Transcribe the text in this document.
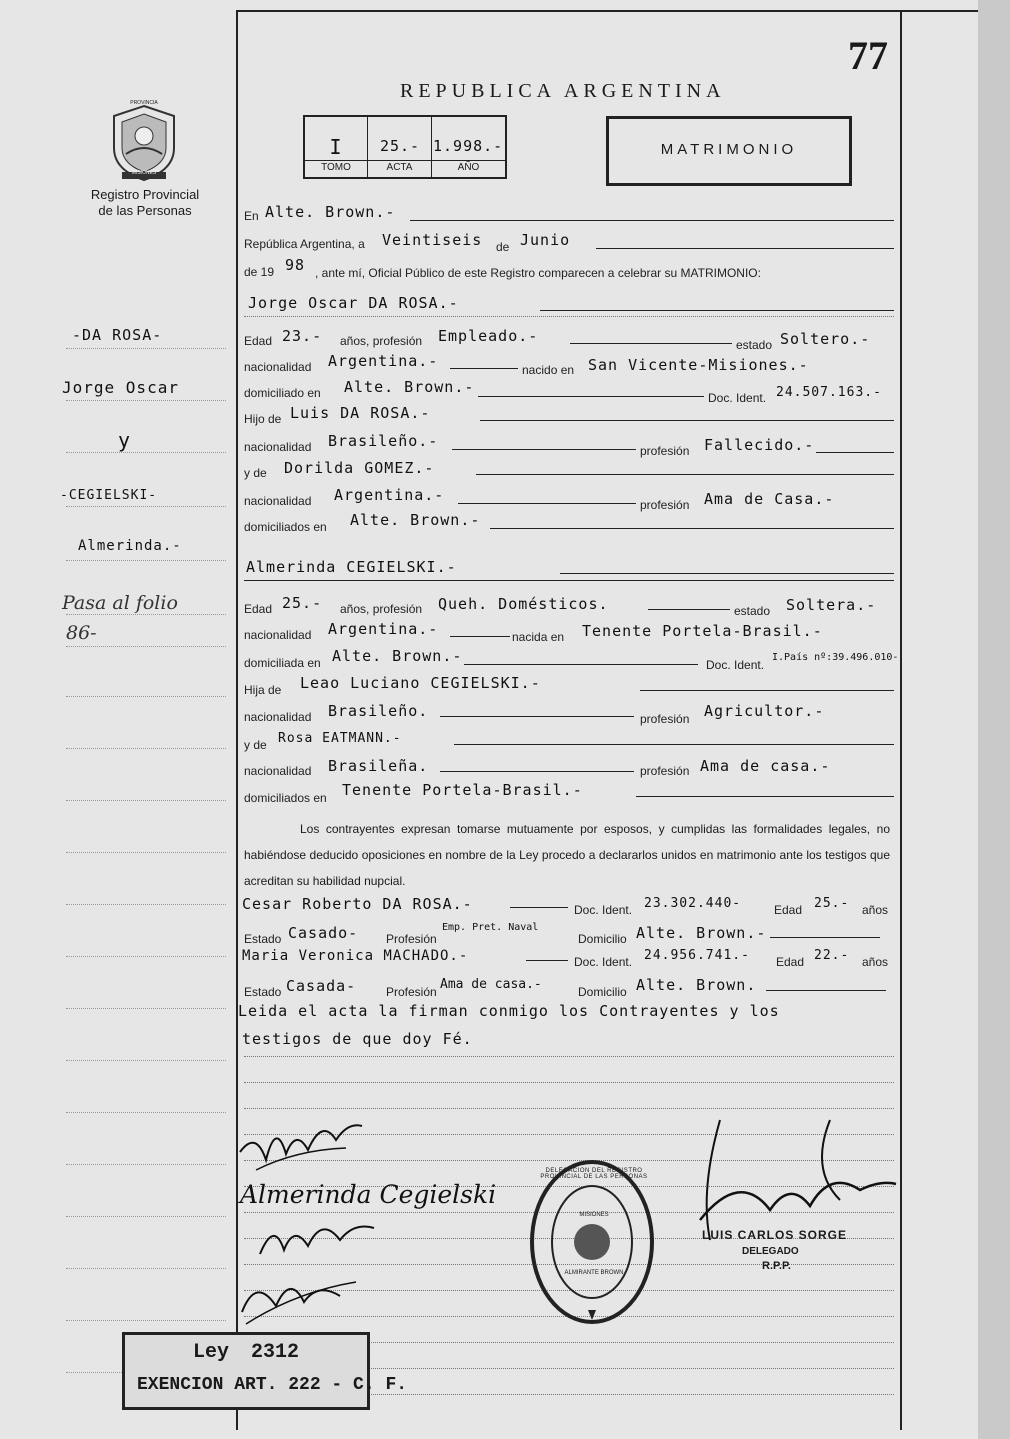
77
REPUBLICA ARGENTINA
PROVINCIA
MISIONES
Registro Provincial
de las Personas
I	25.- 1.998.-
TOMO	ACTA	AÑO
MATRIMONIO
-DA ROSA-
Jorge Oscar
y
-CEGIELSKI-
Almerinda.-
Pasa al folio
86-
En Alte. Brown.-
República Argentina, a Veintiseis de Junio
de 19 98 , ante mí, Oficial Público de este Registro comparecen a celebrar su MATRIMONIO:
Jorge Oscar DA ROSA.-
Edad 23.- años, profesión Empleado.-	estado Soltero.-
nacionalidad Argentina.-	nacido en San Vicente-Misiones.-
domiciliado en Alte. Brown.-
Doc. Ident. 24.507.163.-
Hijo de Luis DA ROSA.-
nacionalidad Brasileño.-
profesión Fallecido.-
y de Dorilda GOMEZ.-
nacionalidad Argentina.-
profesión Ama de Casa.-
domiciliados en Alte. Brown.-
Almerinda CEGIELSKI.-
Edad 25.- años, profesión Queh. Domésticos.	estado Soltera.-
nacionalidad Argentina.-	nacida en Tenente Portela-Brasil.-
domiciliada en Alte. Brown.-	Doc. Ident.
I.País nº:39.496.010-
Hija de Leao Luciano CEGIELSKI.-
nacionalidad Brasileño.	profesión Agricultor.-
y de Rosa EATMANN.-
nacionalidad Brasileña.	profesión Ama de casa.-
domiciliados en Tenente Portela-Brasil.-
Los contrayentes expresan tomarse mutuamente por esposos, y cumplidas las formalidades legales, no habiéndose deducido oposiciones en nombre de la Ley procedo a declararlos unidos en matrimonio ante los testigos que acreditan su habilidad nupcial.
Cesar Roberto DA ROSA.-	Doc. Ident. 23.302.440-	Edad 25.- años
Estado Casado- Profesión
Emp. Pret. Naval
Domicilio Alte. Brown.-
Maria Veronica MACHADO.-	Doc. Ident. 24.956.741.- Edad 22.- años
Estado Casada- Profesión Ama de casa.-	Domicilio Alte. Brown.
Leida el acta la firman conmigo los Contrayentes y los
testigos de que doy Fé.
Almerinda Cegielski
DELEGACION DEL REGISTRO PROVINCIAL DE LAS PERSONAS
ALMIRANTE BROWN
MISIONES
LUIS CARLOS SORGE
DELEGADO
R.P.P.
Ley 2312
EXENCION ART. 222 - C. F.
